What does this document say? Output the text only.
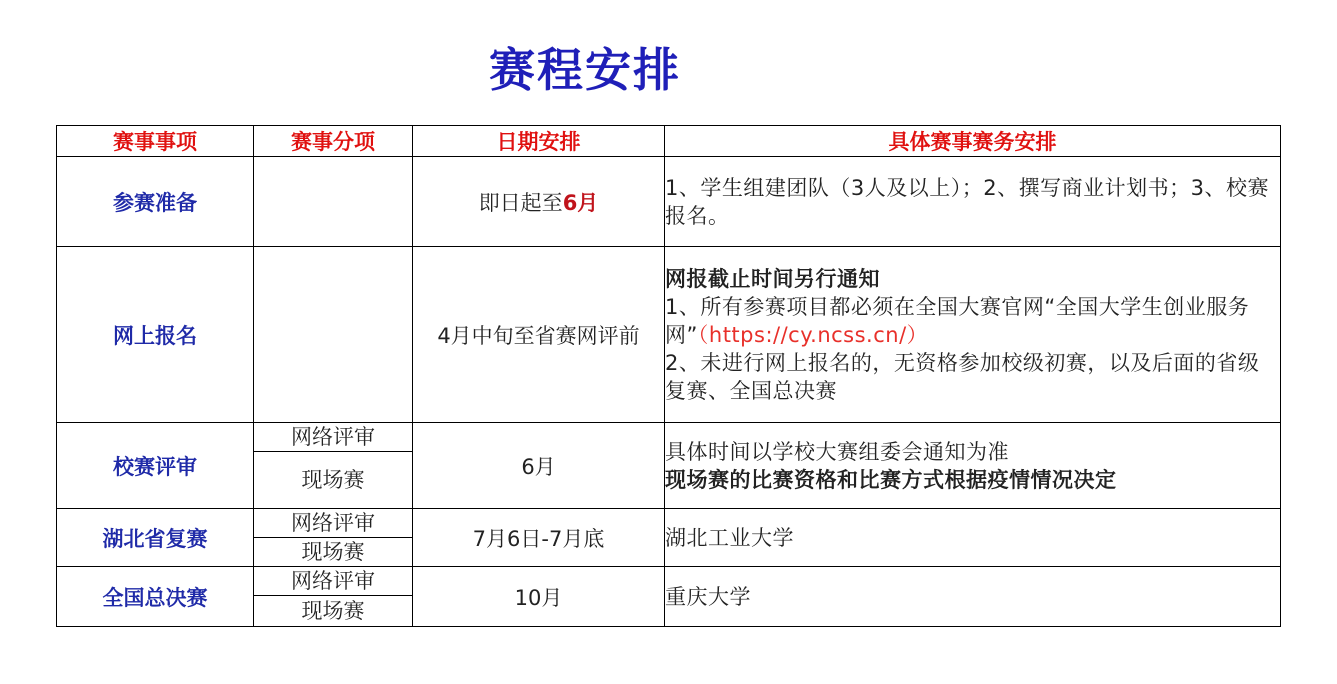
赛程安排
赛事事项	赛事分项	日期安排	具体赛事赛务安排
参赛准备		即日起至6月	1、学生组建团队（3人及以上）；2、撰写商业计划书；3、校赛报名。
网上报名		4月中旬至省赛网评前	网报截止时间另行通知
1、所有参赛项目都必须在全国大赛官网“全国大学生创业服务网”（https://cy.ncss.cn/）
2、未进行网上报名的，无资格参加校级初赛，以及后面的省级复赛、全国总决赛

校赛评审	网络评审	6月	具体时间以学校大赛组委会通知为准
现场赛的比赛资格和比赛方式根据疫情情况决定

	现场赛		
湖北省复赛	网络评审	7月6日-7月底	湖北工业大学
	现场赛		
全国总决赛	网络评审	10月	重庆大学
	现场赛		
